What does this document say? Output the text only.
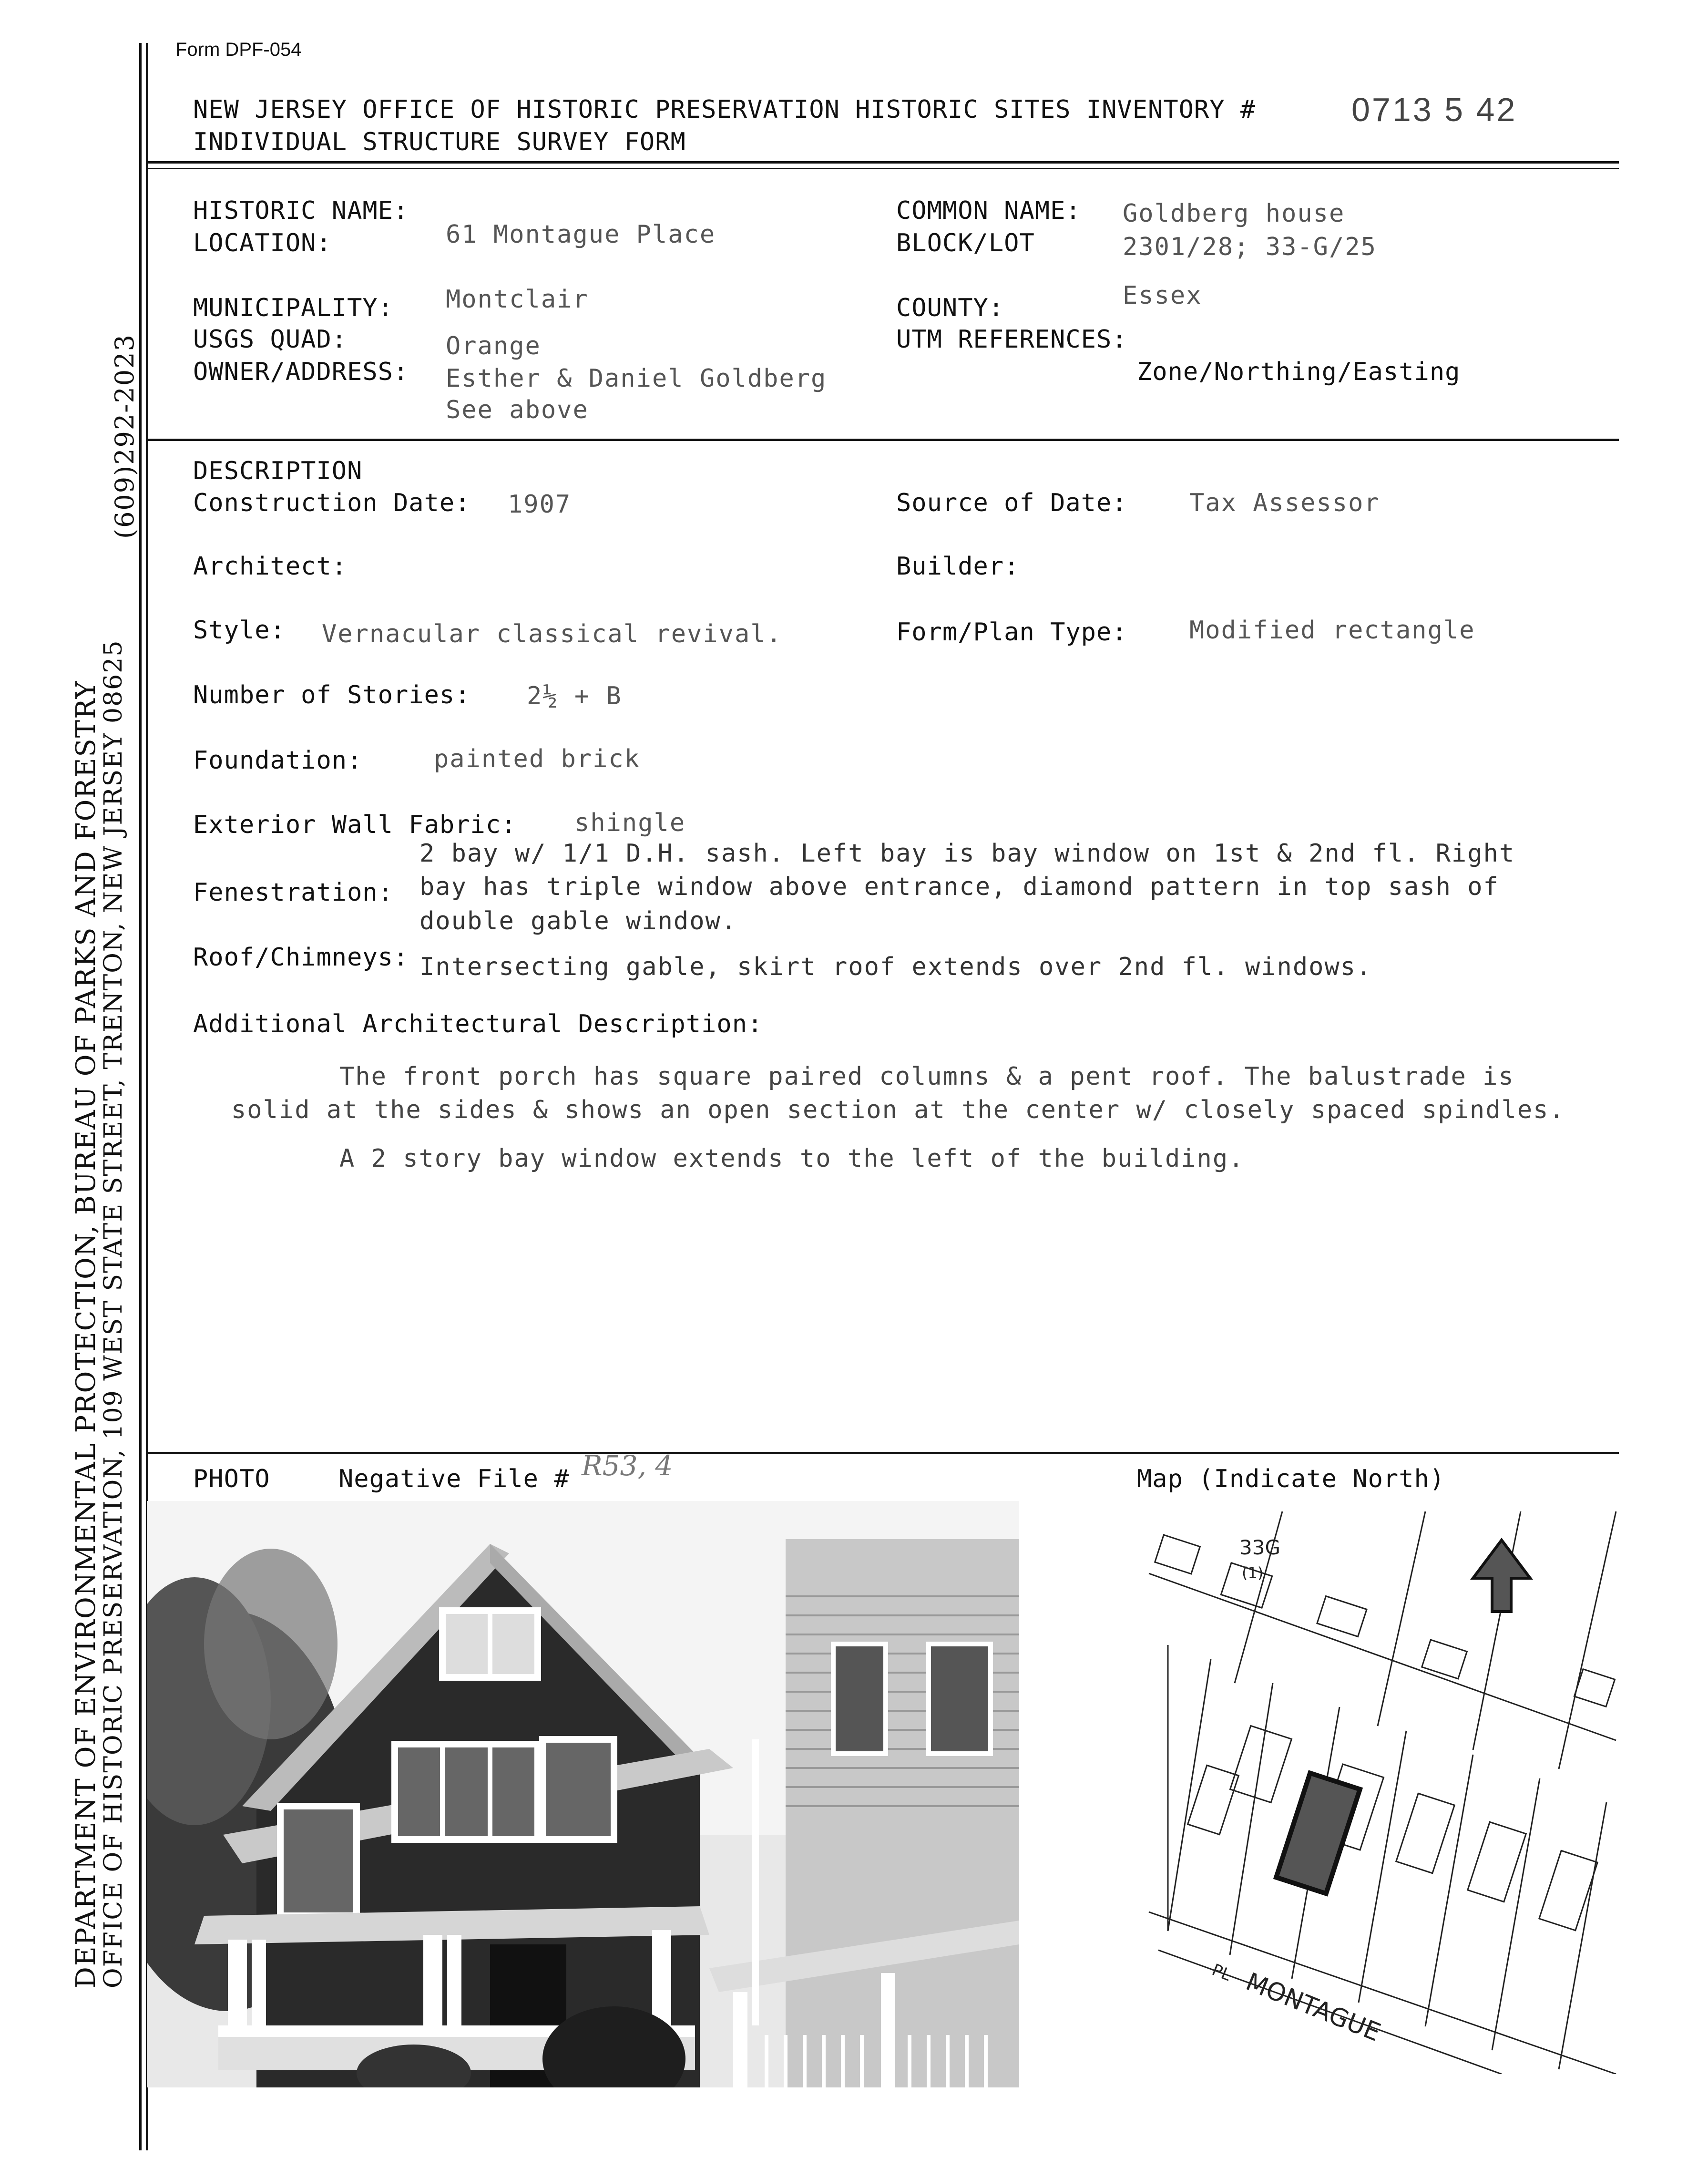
Form DPF-054
NEW JERSEY OFFICE OF HISTORIC PRESERVATION HISTORIC SITES INVENTORY #	0713 5 42
INDIVIDUAL STRUCTURE SURVEY FORM
DEPARTMENT OF ENVIRONMENTAL PROTECTION, BUREAU OF PARKS AND FORESTRY
OFFICE OF HISTORIC PRESERVATION, 109 WEST STATE STREET, TRENTON, NEW JERSEY 08625
(609)292-2023
HISTORIC NAME:
LOCATION:	61 Montague Place
MUNICIPALITY: Montclair
USGS QUAD:	Orange
OWNER/ADDRESS: Esther & Daniel Goldberg
See above
COMMON NAME: Goldberg house
BLOCK/LOT	2301/28; 33-G/25
COUNTY:	Essex
UTM REFERENCES:
Zone/Northing/Easting
DESCRIPTION
Construction Date: 1907	Source of Date:	Tax Assessor
Architect:	Builder:
Style: Vernacular classical revival.	Form/Plan Type:	Modified rectangle
Number of Stories: 2½ + B
Foundation:	painted brick
Exterior Wall Fabric: shingle
2 bay w/ 1/1 D.H. sash. Left bay is bay window on 1st & 2nd fl. Right
Fenestration: bay has triple window above entrance, diamond pattern in top sash of
double gable window.
Roof/Chimneys: Intersecting gable, skirt roof extends over 2nd fl. windows.
Additional Architectural Description:
The front porch has square paired columns & a pent roof. The balustrade is
solid at the sides & shows an open section at the center w/ closely spaced spindles.
A 2 story bay window extends to the left of the building.
PHOTO	Negative File # R53, 4	Map (Indicate North)
33G
(1)
MONTAGUE
PL
